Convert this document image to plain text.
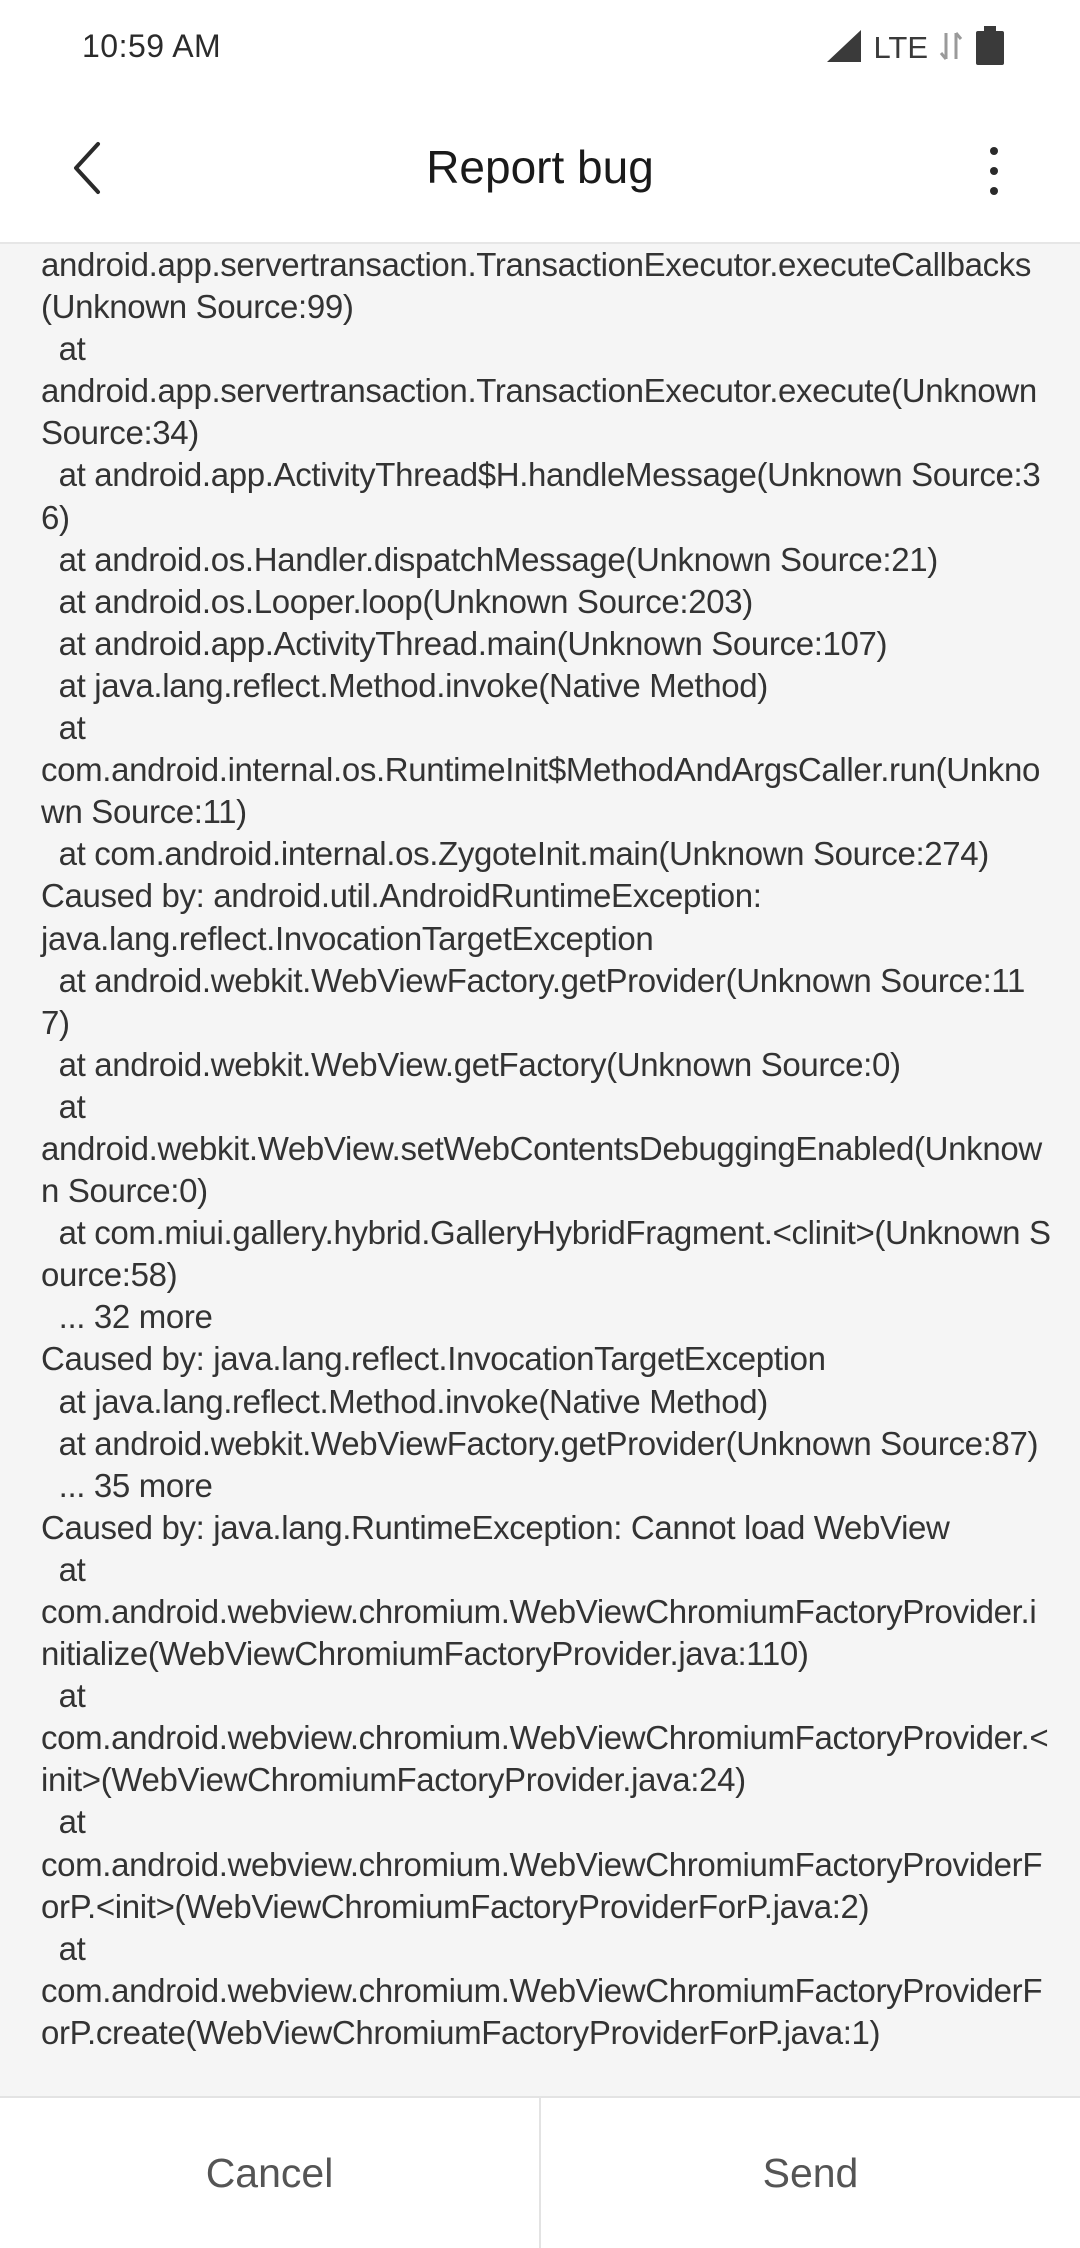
10:59 AM	LTE
Report bug
android.app.servertransaction.TransactionExecutor.executeCallbacks(Unknown Source:99)
at
android.app.servertransaction.TransactionExecutor.execute(Unknown Source:34)
at android.app.ActivityThread$H.handleMessage(Unknown Source:36)
at android.os.Handler.dispatchMessage(Unknown Source:21)
at android.os.Looper.loop(Unknown Source:203)
at android.app.ActivityThread.main(Unknown Source:107)
at java.lang.reflect.Method.invoke(Native Method)
at
com.android.internal.os.RuntimeInit$MethodAndArgsCaller.run(Unknown Source:11)
at com.android.internal.os.ZygoteInit.main(Unknown Source:274)
Caused by: android.util.AndroidRuntimeException:
java.lang.reflect.InvocationTargetException
at android.webkit.WebViewFactory.getProvider(Unknown Source:117)
at android.webkit.WebView.getFactory(Unknown Source:0)
at
android.webkit.WebView.setWebContentsDebuggingEnabled(Unknown Source:0)
at com.miui.gallery.hybrid.GalleryHybridFragment.<clinit>(Unknown Source:58)
... 32 more
Caused by: java.lang.reflect.InvocationTargetException
at java.lang.reflect.Method.invoke(Native Method)
at android.webkit.WebViewFactory.getProvider(Unknown Source:87)
... 35 more
Caused by: java.lang.RuntimeException: Cannot load WebView
at
com.android.webview.chromium.WebViewChromiumFactoryProvider.initialize(WebViewChromiumFactoryProvider.java:110)
at
com.android.webview.chromium.WebViewChromiumFactoryProvider.<init>(WebViewChromiumFactoryProvider.java:24)
at
com.android.webview.chromium.WebViewChromiumFactoryProviderForP.<init>(WebViewChromiumFactoryProviderForP.java:2)
at
com.android.webview.chromium.WebViewChromiumFactoryProviderForP.create(WebViewChromiumFactoryProviderForP.java:1)
Cancel	Send
